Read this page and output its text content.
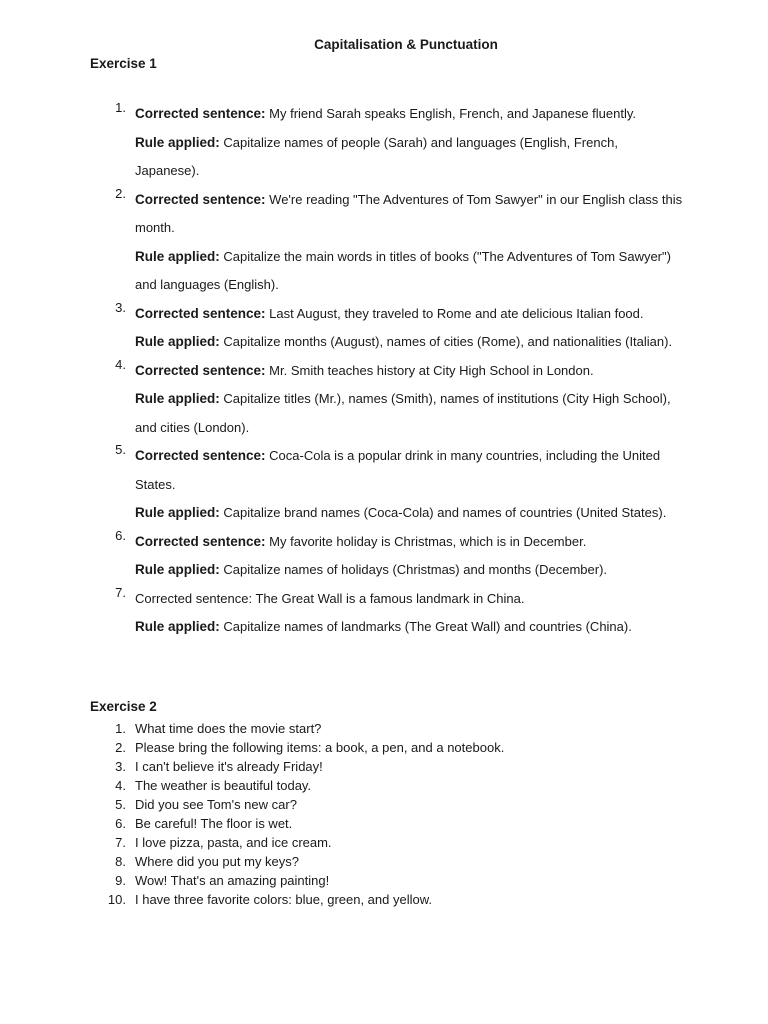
Capitalisation & Punctuation
Exercise 1
1. Corrected sentence: My friend Sarah speaks English, French, and Japanese fluently.
Rule applied: Capitalize names of people (Sarah) and languages (English, French, Japanese).
2. Corrected sentence: We're reading "The Adventures of Tom Sawyer" in our English class this month.
Rule applied: Capitalize the main words in titles of books ("The Adventures of Tom Sawyer") and languages (English).
3. Corrected sentence: Last August, they traveled to Rome and ate delicious Italian food.
Rule applied: Capitalize months (August), names of cities (Rome), and nationalities (Italian).
4. Corrected sentence: Mr. Smith teaches history at City High School in London.
Rule applied: Capitalize titles (Mr.), names (Smith), names of institutions (City High School), and cities (London).
5. Corrected sentence: Coca-Cola is a popular drink in many countries, including the United States.
Rule applied: Capitalize brand names (Coca-Cola) and names of countries (United States).
6. Corrected sentence: My favorite holiday is Christmas, which is in December.
Rule applied: Capitalize names of holidays (Christmas) and months (December).
7. Corrected sentence: The Great Wall is a famous landmark in China.
Rule applied: Capitalize names of landmarks (The Great Wall) and countries (China).
Exercise 2
1. What time does the movie start?
2. Please bring the following items: a book, a pen, and a notebook.
3. I can't believe it's already Friday!
4. The weather is beautiful today.
5. Did you see Tom's new car?
6. Be careful! The floor is wet.
7. I love pizza, pasta, and ice cream.
8. Where did you put my keys?
9. Wow! That's an amazing painting!
10. I have three favorite colors: blue, green, and yellow.
